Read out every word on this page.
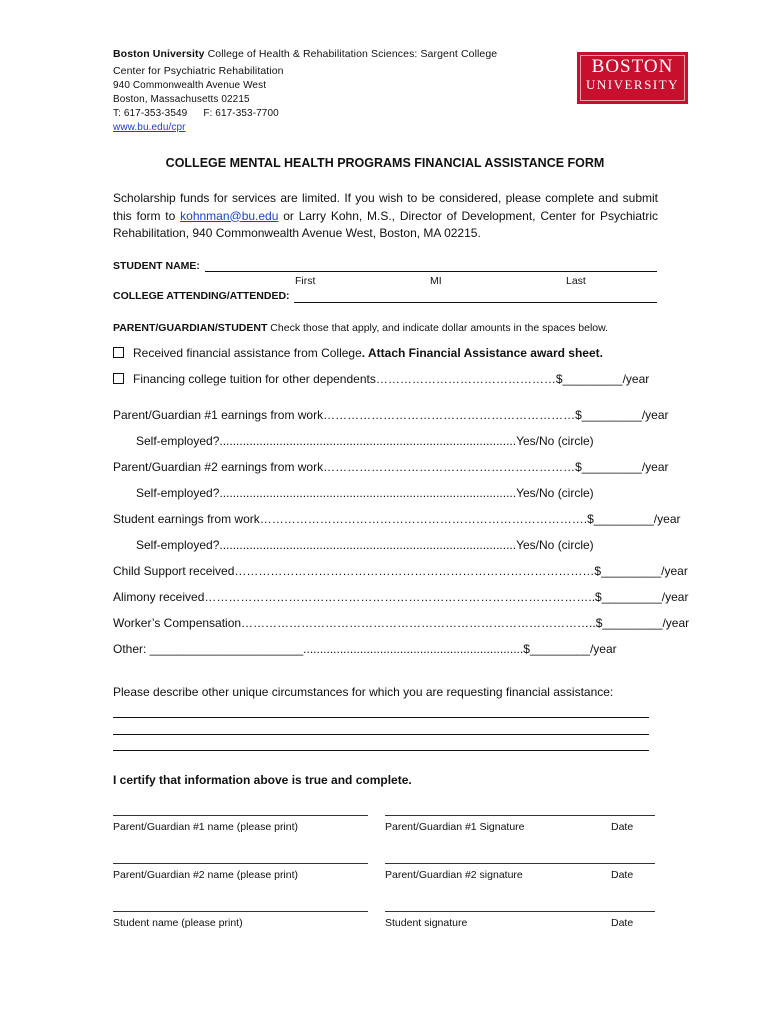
Boston University College of Health & Rehabilitation Sciences: Sargent College
Center for Psychiatric Rehabilitation
940 Commonwealth Avenue West
Boston, Massachusetts 02215
T: 617-353-3549 F: 617-353-7700
www.bu.edu/cpr
BOSTON
UNIVERSITY
COLLEGE MENTAL HEALTH PROGRAMS FINANCIAL ASSISTANCE FORM
Scholarship funds for services are limited. If you wish to be considered, please complete and submit this form to kohnman@bu.edu or Larry Kohn, M.S., Director of Development, Center for Psychiatric Rehabilitation, 940 Commonwealth Avenue West, Boston, MA 02215.
STUDENT NAME:
First	MI	Last
COLLEGE ATTENDING/ATTENDED:
PARENT/GUARDIAN/STUDENT Check those that apply, and indicate dollar amounts in the spaces below.
Received financial assistance from College. Attach Financial Assistance award sheet.
Financing college tuition for other dependents………………………………………$_________/year
Parent/Guardian #1 earnings from work………………………………………………………$_________/year
Self-employed?.........................................................................................Yes/No (circle)
Parent/Guardian #2 earnings from work………………………………………………………$_________/year
Self-employed?.........................................................................................Yes/No (circle)
Student earnings from work……………………………………………………………………….$_________/year
Self-employed?.........................................................................................Yes/No (circle)
Child Support received………………………………………………………………………………$_________/year
Alimony received……………………………………………………………………………………..$_________/year
Worker’s Compensation……………………………………………………………………………..$_________/year
Other: _______________________..................................................................$_________/year
Please describe other unique circumstances for which you are requesting financial assistance:
I certify that information above is true and complete.
Parent/Guardian #1 name (please print)	Parent/Guardian #1 Signature	Date
Parent/Guardian #2 name (please print)	Parent/Guardian #2 signature	Date
Student name (please print)	Student signature	Date
